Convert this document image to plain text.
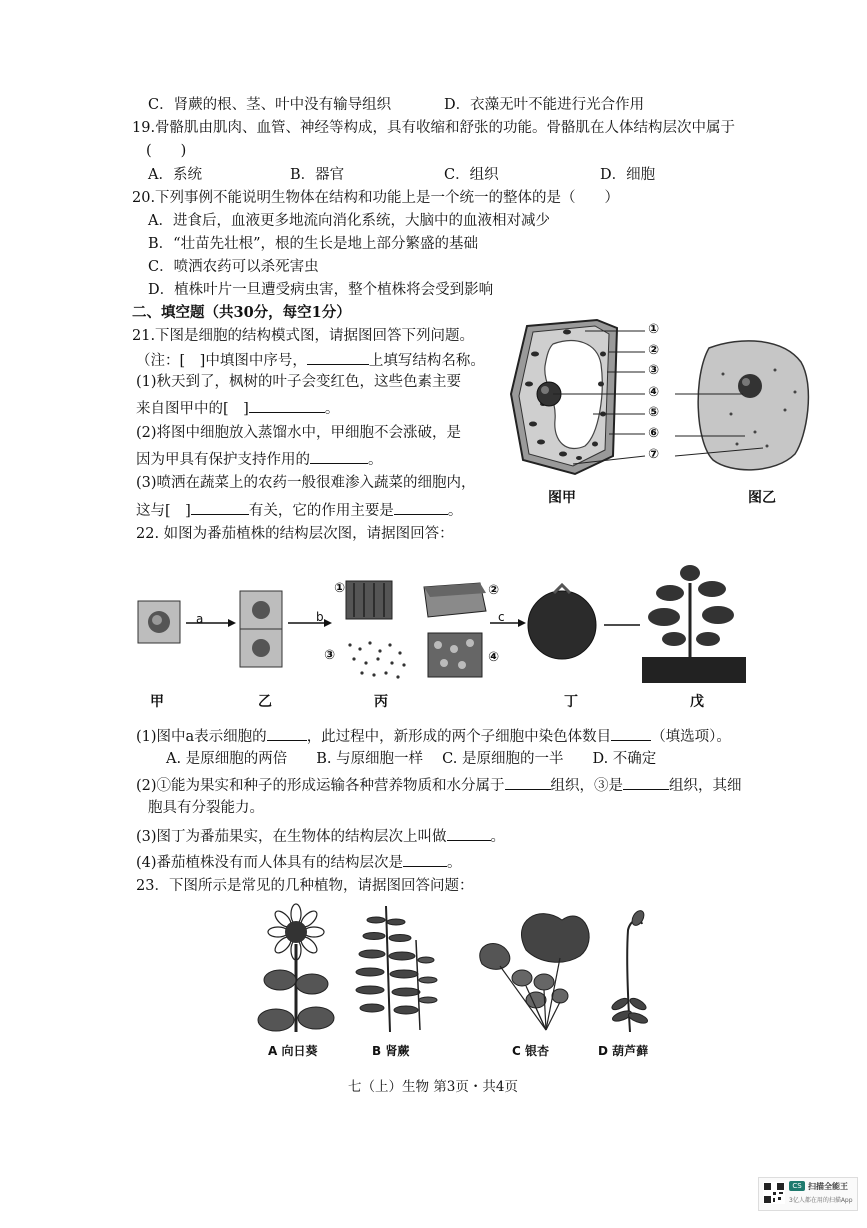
C．肾蕨的根、茎、叶中没有输导组织	D．衣藻无叶不能进行光合作用
19.骨骼肌由肌肉、血管、神经等构成，具有收缩和舒张的功能。骨骼肌在人体结构层次中属于
(　　)
A．系统	B．器官	C．组织	D．细胞
20.下列事例不能说明生物体在结构和功能上是一个统一的整体的是（　　）
A．进食后，血液更多地流向消化系统，大脑中的血液相对减少
B．“壮苗先壮根”，根的生长是地上部分繁盛的基础
C．喷洒农药可以杀死害虫
D．植株叶片一旦遭受病虫害，整个植株将会受到影响
二、填空题（共30分，每空1分）
21.下图是细胞的结构模式图，请据图回答下列问题。
（注：[　]中填图中序号，	上填写结构名称。
(1)秋天到了，枫树的叶子会变红色，这些色素主要
来自图甲中的[　]	。
(2)将图中细胞放入蒸馏水中，甲细胞不会涨破，是
因为甲具有保护支持作用的	。
(3)喷洒在蔬菜上的农药一般很难渗入蔬菜的细胞内，
这与[　]	有关，它的作用主要是	。
①
②
③
④
⑤
⑥
⑦
图甲	图乙
22. 如图为番茄植株的结构层次图，请据图回答：
a	b	c
①	②
③	④
甲	乙	丙	丁	戊
(1)图中a表示细胞的	，此过程中，新形成的两个子细胞中染色体数目	（填选项）。
A. 是原细胞的两倍　　B. 与原细胞一样　 C. 是原细胞的一半　　D. 不确定
(2)①能为果实和种子的形成运输各种营养物质和水分属于	组织，③是	组织，其细
胞具有分裂能力。
(3)图丁为番茄果实，在生物体的结构层次上叫做	。
(4)番茄植株没有而人体具有的结构层次是	。
23．下图所示是常见的几种植物，请据图回答问题：
A 向日葵	B 肾蕨	C 银杏	D 葫芦藓
七（上）生物 第3页・共4页
CS 扫描全能王
3亿人都在用的扫描App
